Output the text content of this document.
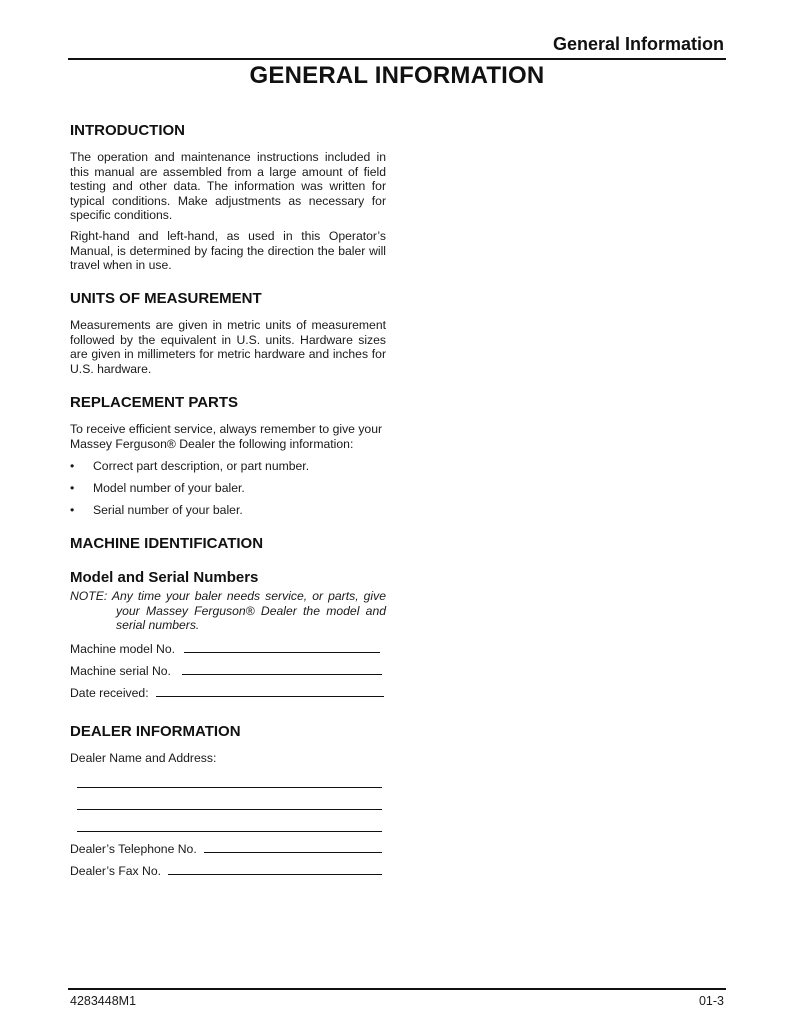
General Information
GENERAL INFORMATION
INTRODUCTION

The operation and maintenance instructions included in this manual are assembled from a large amount of field testing and other data. The information was written for typical conditions. Make adjustments as necessary for specific conditions.

Right-hand and left-hand, as used in this Operator’s Manual, is determined by facing the direction the baler will travel when in use.

UNITS OF MEASUREMENT

Measurements are given in metric units of measurement followed by the equivalent in U.S. units. Hardware sizes are given in millimeters for metric hardware and inches for U.S. hardware.

REPLACEMENT PARTS

To receive efficient service, always remember to give your Massey Ferguson® Dealer the following information:

• Correct part description, or part number.
• Model number of your baler.
• Serial number of your baler.
MACHINE IDENTIFICATION
Model and Serial Numbers

NOTE: Any time your baler needs service, or parts, give your Massey Ferguson® Dealer the model and serial numbers.

Machine model No.
Machine serial No.
Date received:
DEALER INFORMATION

Dealer Name and Address:

Dealer’s Telephone No.
Dealer’s Fax No.
4283448M1	01-3
